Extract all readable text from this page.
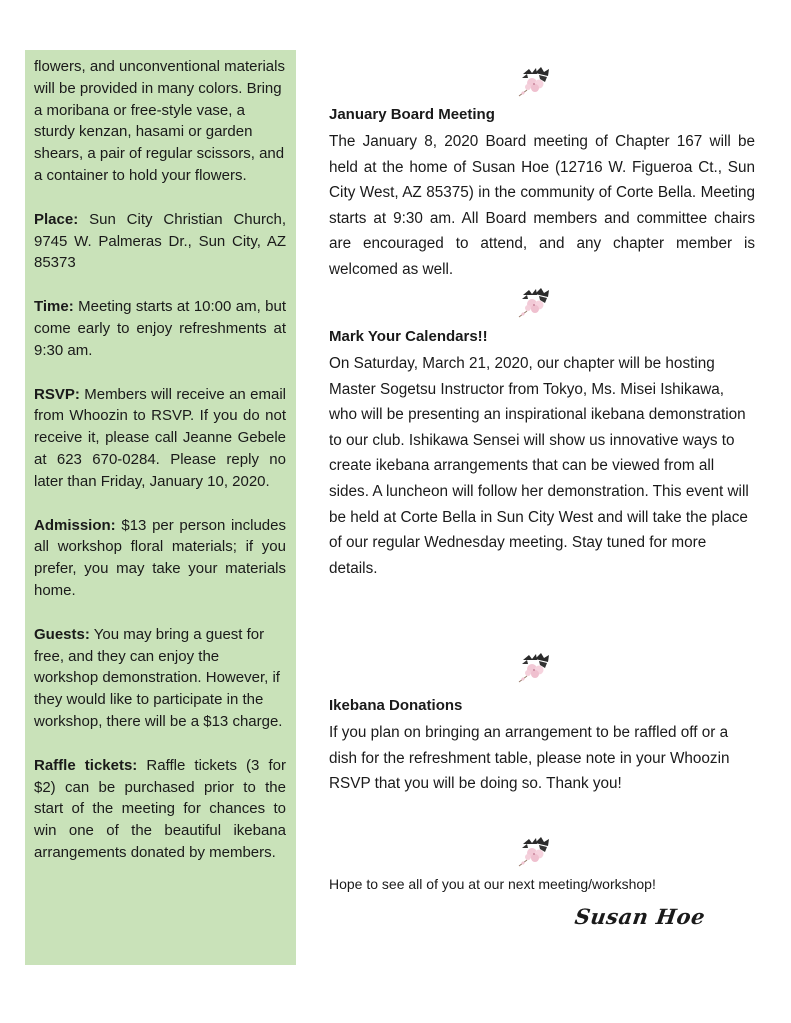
flowers, and unconventional materials will be provided in many colors. Bring a moribana or free-style vase, a sturdy kenzan, hasami or garden shears, a pair of regular scissors, and a container to hold your flowers.

Place: Sun City Christian Church, 9745 W. Palmeras Dr., Sun City, AZ 85373

Time: Meeting starts at 10:00 am, but come early to enjoy refreshments at 9:30 am.

RSVP: Members will receive an email from Whoozin to RSVP. If you do not receive it, please call Jeanne Gebele at 623 670-0284. Please reply no later than Friday, January 10, 2020.

Admission: $13 per person includes all workshop floral materials; if you prefer, you may take your materials home.

Guests: You may bring a guest for free, and they can enjoy the workshop demonstration. However, if they would like to participate in the workshop, there will be a $13 charge.

Raffle tickets: Raffle tickets (3 for $2) can be purchased prior to the start of the meeting for chances to win one of the beautiful ikebana arrangements donated by members.

January Board Meeting
The January 8, 2020 Board meeting of Chapter 167 will be held at the home of Susan Hoe (12716 W. Figueroa Ct., Sun City West, AZ 85375) in the community of Corte Bella. Meeting starts at 9:30 am. All Board members and committee chairs are encouraged to attend, and any chapter member is welcomed as well.
Mark Your Calendars!!
On Saturday, March 21, 2020, our chapter will be hosting Master Sogetsu Instructor from Tokyo, Ms. Misei Ishikawa, who will be presenting an inspirational ikebana demonstration to our club. Ishikawa Sensei will show us innovative ways to create ikebana arrangements that can be viewed from all sides. A luncheon will follow her demonstration. This event will be held at Corte Bella in Sun City West and will take the place of our regular Wednesday meeting. Stay tuned for more details.
Ikebana Donations
If you plan on bringing an arrangement to be raffled off or a dish for the refreshment table, please note in your Whoozin RSVP that you will be doing so. Thank you!
Hope to see all of you at our next meeting/workshop!
Susan Hoe
